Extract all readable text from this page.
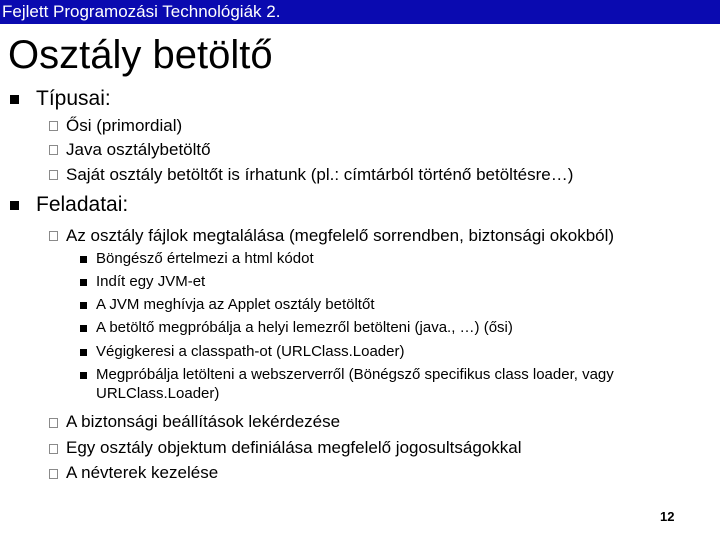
Fejlett Programozási Technológiák 2.
Osztály betöltő
Típusai:
Ősi (primordial)
Java osztálybetöltő
Saját osztály betöltőt is írhatunk (pl.: címtárból történő betöltésre…)
Feladatai:
Az osztály fájlok megtalálása (megfelelő sorrendben, biztonsági okokból)
Böngésző értelmezi a html kódot
Indít egy JVM-et
A JVM meghívja az Applet osztály betöltőt
A betöltő megpróbálja a helyi lemezről betölteni (java., …) (ősi)
Végigkeresi a classpath-ot (URLClass.Loader)
Megpróbálja letölteni a webszerverről (Bönégsző specifikus class loader, vagy URLClass.Loader)
A biztonsági beállítások lekérdezése
Egy osztály objektum definiálása megfelelő jogosultságokkal
A névterek kezelése
12
